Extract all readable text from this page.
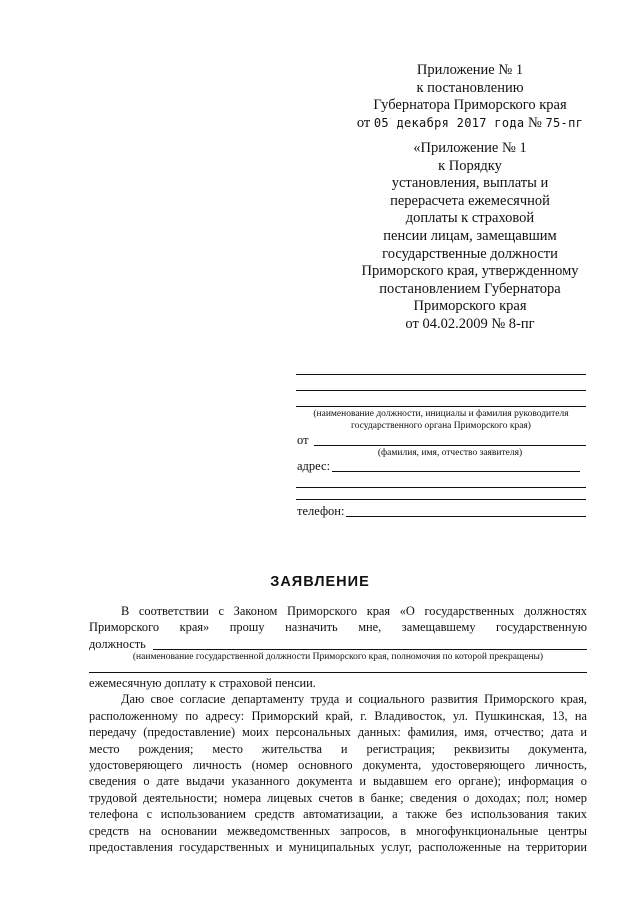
Приложение № 1
к постановлению
Губернатора Приморского края
от 05 декабря 2017 года № 75-пг
«Приложение № 1
к Порядку
установления, выплаты и
перерасчета ежемесячной
доплаты к страховой
пенсии лицам, замещавшим
государственные должности
Приморского края, утвержденному
постановлением Губернатора
Приморского края
от 04.02.2009 № 8-пг
(наименование должности, инициалы и фамилия руководителя
государственного органа Приморского края)
от
(фамилия, имя, отчество заявителя)
адрес:
телефон:
ЗАЯВЛЕНИЕ
В соответствии с Законом Приморского края «О государственных должностях
Приморского края» прошу назначить мне, замещавшему государственную
должность
(наименование государственной должности Приморского края, полномочия по которой прекращены)
ежемесячную доплату к страховой пенсии.
Даю свое согласие департаменту труда и социального развития Приморского края,
расположенному по адресу: Приморский край, г. Владивосток, ул. Пушкинская, 13, на
передачу (предоставление) моих персональных данных: фамилия, имя, отчество; дата и
место рождения; место жительства и регистрация; реквизиты документа,
удостоверяющего личность (номер основного документа, удостоверяющего личность,
сведения о дате выдачи указанного документа и выдавшем его органе); информация о
трудовой деятельности; номера лицевых счетов в банке; сведения о доходах; пол; номер
телефона с использованием средств автоматизации, а также без использования таких
средств на основании межведомственных запросов, в многофункциональные центры
предоставления государственных и муниципальных услуг, расположенные на территории
